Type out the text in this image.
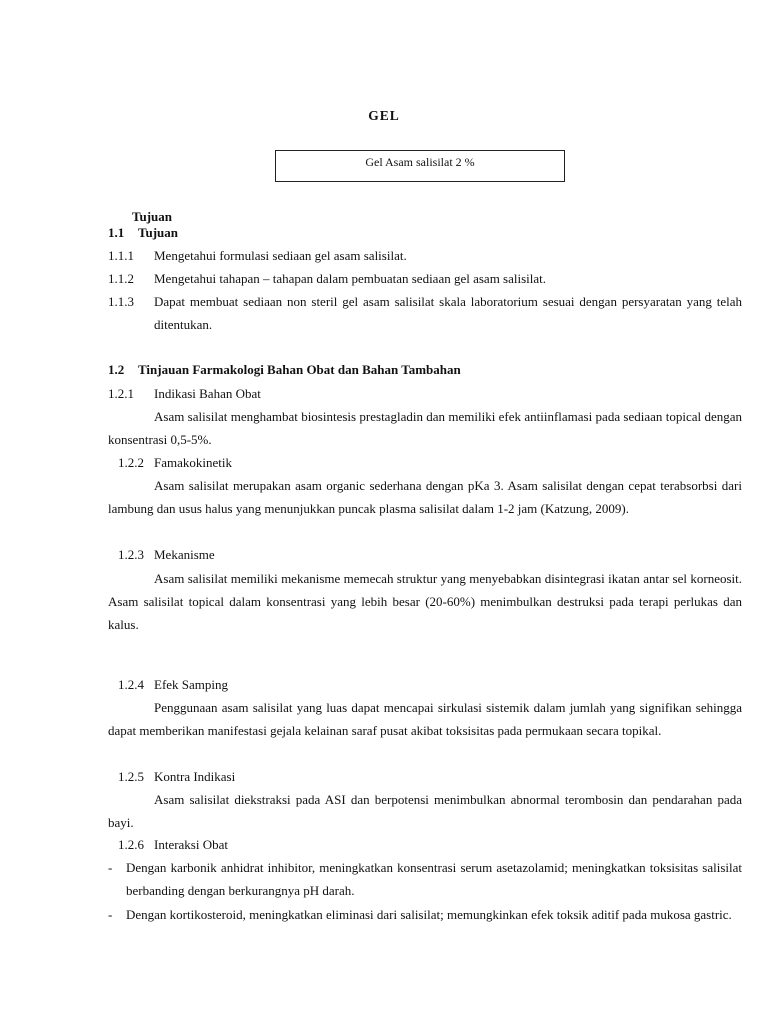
GEL
Gel Asam salisilat 2 %
Tujuan
1.1 Tujuan
1.1.1 Mengetahui formulasi sediaan gel asam salisilat.
1.1.2 Mengetahui tahapan – tahapan dalam pembuatan sediaan gel asam salisilat.
1.1.3 Dapat membuat sediaan non steril gel asam salisilat skala laboratorium sesuai dengan persyaratan yang telah ditentukan.
1.2 Tinjauan Farmakologi Bahan Obat dan Bahan Tambahan
1.2.1 Indikasi Bahan Obat
Asam salisilat menghambat biosintesis prestagladin dan memiliki efek antiinflamasi pada sediaan topical dengan konsentrasi 0,5-5%.
1.2.2 Famakokinetik
Asam salisilat merupakan asam organic sederhana dengan pKa 3. Asam salisilat dengan cepat terabsorbsi dari lambung dan usus halus yang menunjukkan puncak plasma salisilat dalam 1-2 jam (Katzung, 2009).
1.2.3 Mekanisme
Asam salisilat memiliki mekanisme memecah struktur yang menyebabkan disintegrasi ikatan antar sel korneosit. Asam salisilat topical dalam konsentrasi yang lebih besar (20-60%) menimbulkan destruksi pada terapi perlukas dan kalus.
1.2.4 Efek Samping
Penggunaan asam salisilat yang luas dapat mencapai sirkulasi sistemik dalam jumlah yang signifikan sehingga dapat memberikan manifestasi gejala kelainan saraf pusat akibat toksisitas pada permukaan secara topikal.
1.2.5 Kontra Indikasi
Asam salisilat diekstraksi pada ASI dan berpotensi menimbulkan abnormal terombosin dan pendarahan pada bayi.
1.2.6 Interaksi Obat
- Dengan karbonik anhidrat inhibitor, meningkatkan konsentrasi serum asetazolamid; meningkatkan toksisitas salisilat berbanding dengan berkurangnya pH darah.
- Dengan kortikosteroid, meningkatkan eliminasi dari salisilat; memungkinkan efek toksik aditif pada mukosa gastric.
